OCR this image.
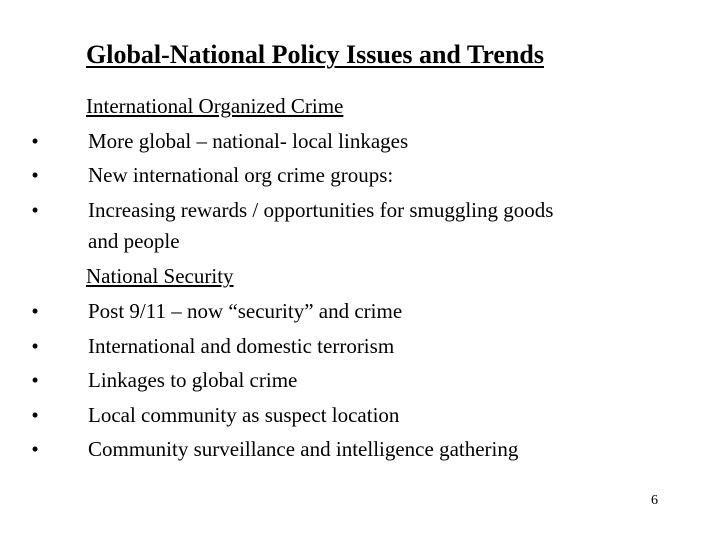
Global-National Policy Issues and Trends
International Organized Crime
• More global – national- local linkages
• New international org crime groups:
• Increasing rewards / opportunities for smuggling goods
and people
National Security
• Post 9/11 – now “security” and crime
• International and domestic terrorism
• Linkages to global crime
• Local community as suspect location
• Community surveillance and intelligence gathering
6
